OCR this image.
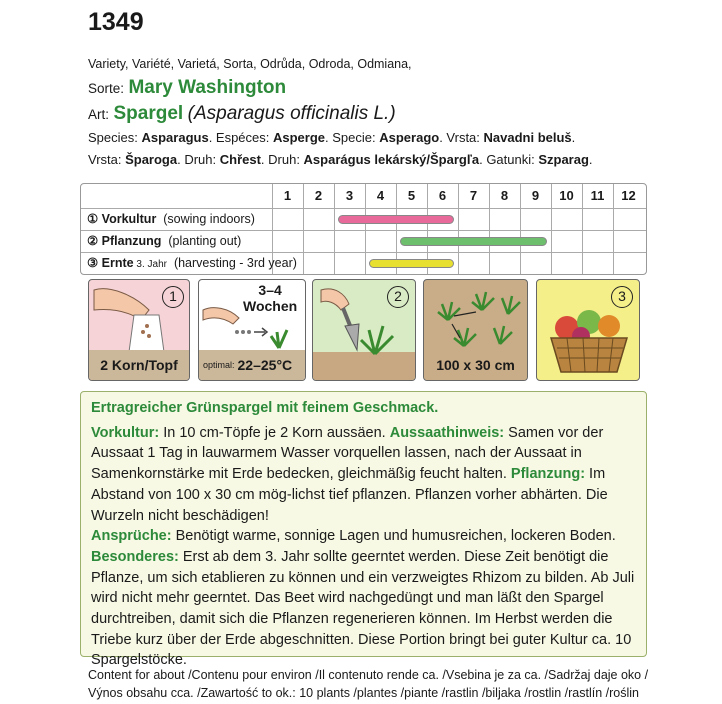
1349
Variety, Variété, Varietá, Sorta, Odrůda, Odroda, Odmiana,
Sorte: Mary Washington
Art: Spargel (Asparagus officinalis L.)
Species: Asparagus. Espéces: Asperge. Specie: Asperago. Vrsta: Navadni beluš.
Vrsta: Šparoga. Druh: Chřest. Druh: Asparágus lekárský/Špargľa. Gatunki: Szparag.
1	2	3	4	5	6	7	8	9	10	11	12
① Vorkultur  (sowing indoors)
② Pflanzung  (planting out)
③ Ernte 3. Jahr  (harvesting - 3rd year)
1
2 Korn/Topf
3–4
Wochen
optimal: 22–25°C
2
100 x 30 cm
3

Ertragreicher Grünspargel mit feinem Geschmack.

Vorkultur: In 10 cm-Töpfe je 2 Korn aussäen. Aussaathinweis: Samen vor der Aussaat 1 Tag in lauwarmem Wasser vorquellen lassen, nach der Aussaat in Samenkornstärke mit Erde bedecken, gleichmäßig feucht halten. Pflanzung: Im Abstand von 100 x 30 cm mög-lichst tief pflanzen. Pflanzen vorher abhärten. Die Wurzeln nicht beschädigen!

Ansprüche: Benötigt warme, sonnige Lagen und humusreichen, lockeren Boden.

Besonderes: Erst ab dem 3. Jahr sollte geerntet werden. Diese Zeit benötigt die Pflanze, um sich etablieren zu können und ein verzweigtes Rhizom zu bilden. Ab Juli wird nicht mehr geerntet. Das Beet wird nachgedüngt und man läßt den Spargel durchtreiben, damit sich die Pflanzen regenerieren können. Im Herbst werden die Triebe kurz über der Erde abgeschnitten. Diese Portion bringt bei guter Kultur ca. 10 Spargelstöcke.

Content for about /Contenu pour environ /Il contenuto rende ca. /Vsebina je za ca. /Sadržaj daje oko /
Výnos obsahu cca. /Zawartość to ok.: 10 plants /plantes /piante /rastlin /biljaka /rostlin /rastlín /roślin
